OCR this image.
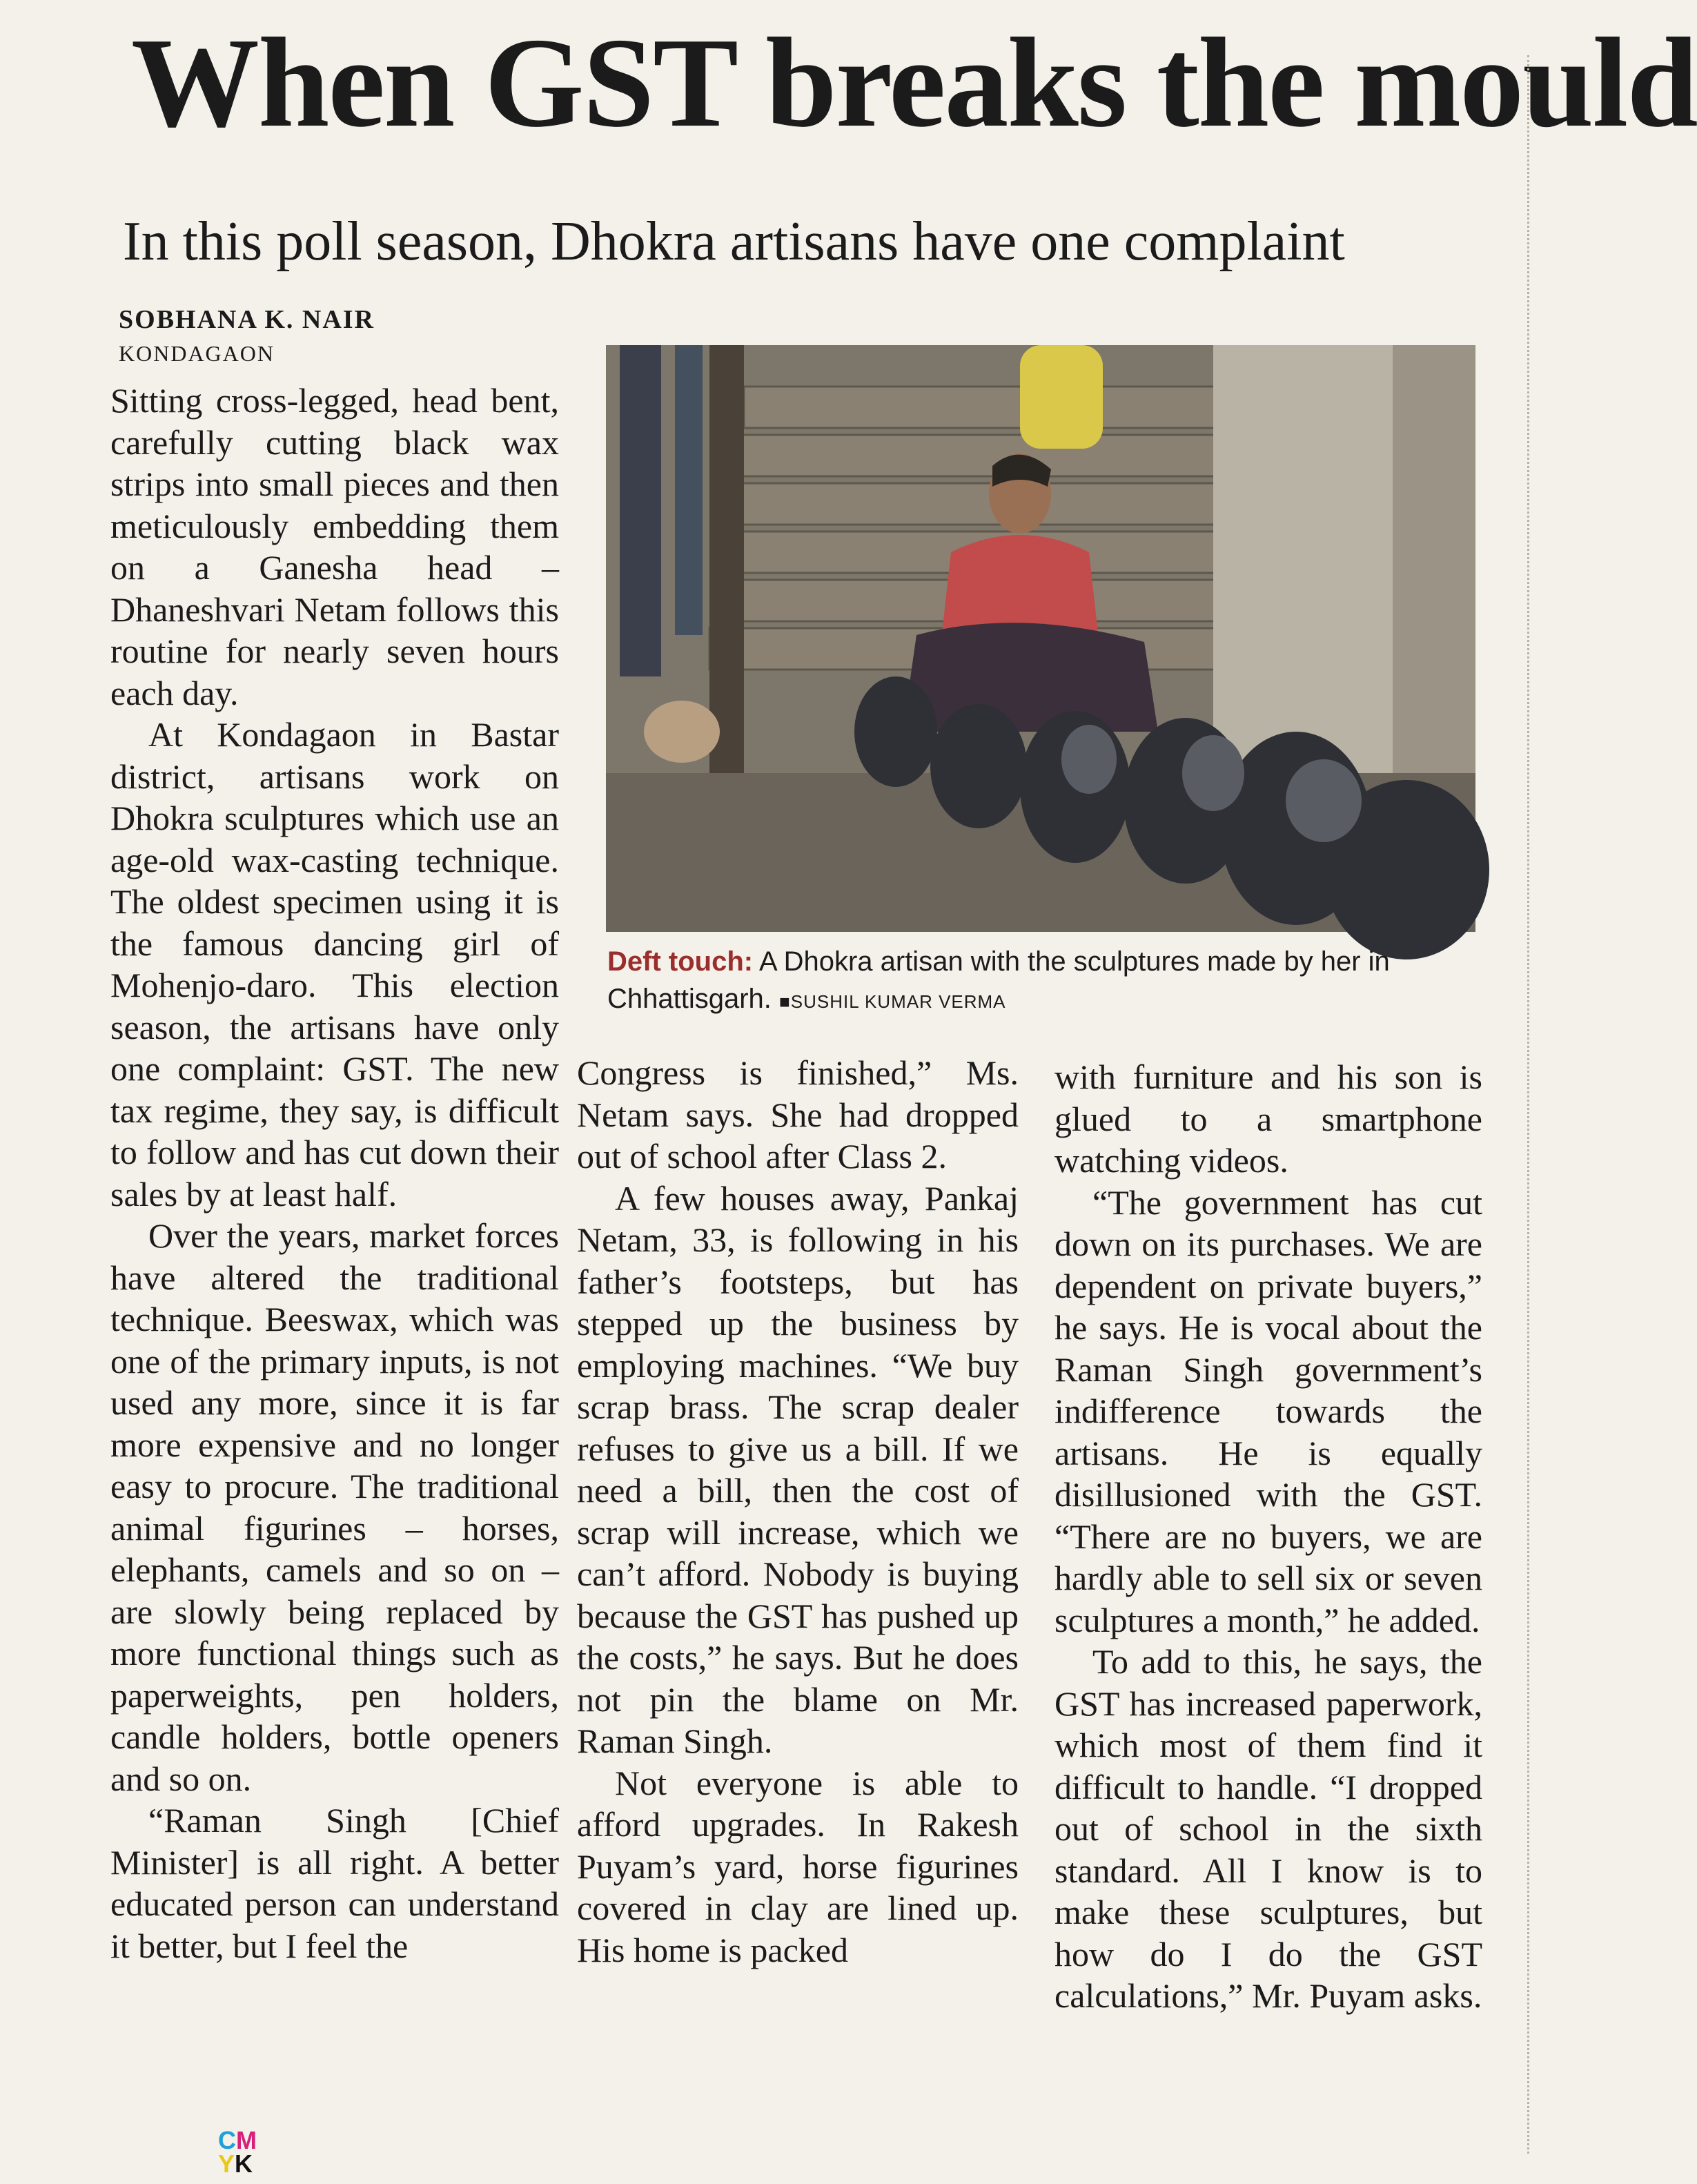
When GST breaks the mould
In this poll season, Dhokra artisans have one complaint
SOBHANA K. NAIR
KONDAGAON

Sitting cross-legged, head bent, carefully cutting black wax strips into small pieces and then meticulously embedding them on a Ganesha head – Dhaneshvari Netam follows this routine for nearly seven hours each day.

At Kondagaon in Bastar district, artisans work on Dhokra sculptures which use an age-old wax-casting technique. The oldest specimen using it is the famous dancing girl of Mohenjo-daro. This election season, the artisans have only one complaint: GST. The new tax regime, they say, is difficult to follow and has cut down their sales by at least half.

Over the years, market forces have altered the traditional technique. Beeswax, which was one of the primary inputs, is not used any more, since it is far more expensive and no longer easy to procure. The traditional animal figurines – horses, elephants, camels and so on – are slowly being replaced by more functional things such as paperweights, pen holders, candle holders, bottle openers and so on.

“Raman Singh [Chief Minister] is all right. A better educated person can understand it better, but I feel the

Deft touch: A Dhokra artisan with the sculptures made by her in Chhattisgarh. ■SUSHIL KUMAR VERMA

Congress is finished,” Ms. Netam says. She had dropped out of school after Class 2.

A few houses away, Pankaj Netam, 33, is following in his father’s footsteps, but has stepped up the business by employing machines. “We buy scrap brass. The scrap dealer refuses to give us a bill. If we need a bill, then the cost of scrap will increase, which we can’t afford. Nobody is buying because the GST has pushed up the costs,” he says. But he does not pin the blame on Mr. Raman Singh.

Not everyone is able to afford upgrades. In Rakesh Puyam’s yard, horse figurines covered in clay are lined up. His home is packed

with furniture and his son is glued to a smartphone watching videos.

“The government has cut down on its purchases. We are dependent on private buyers,” he says. He is vocal about the Raman Singh government’s indifference towards the artisans. He is equally disillusioned with the GST. “There are no buyers, we are hardly able to sell six or seven sculptures a month,” he added.

To add to this, he says, the GST has increased paperwork, which most of them find it difficult to handle. “I dropped out of school in the sixth standard. All I know is to make these sculptures, but how do I do the GST calculations,” Mr. Puyam asks.

CM
YK
